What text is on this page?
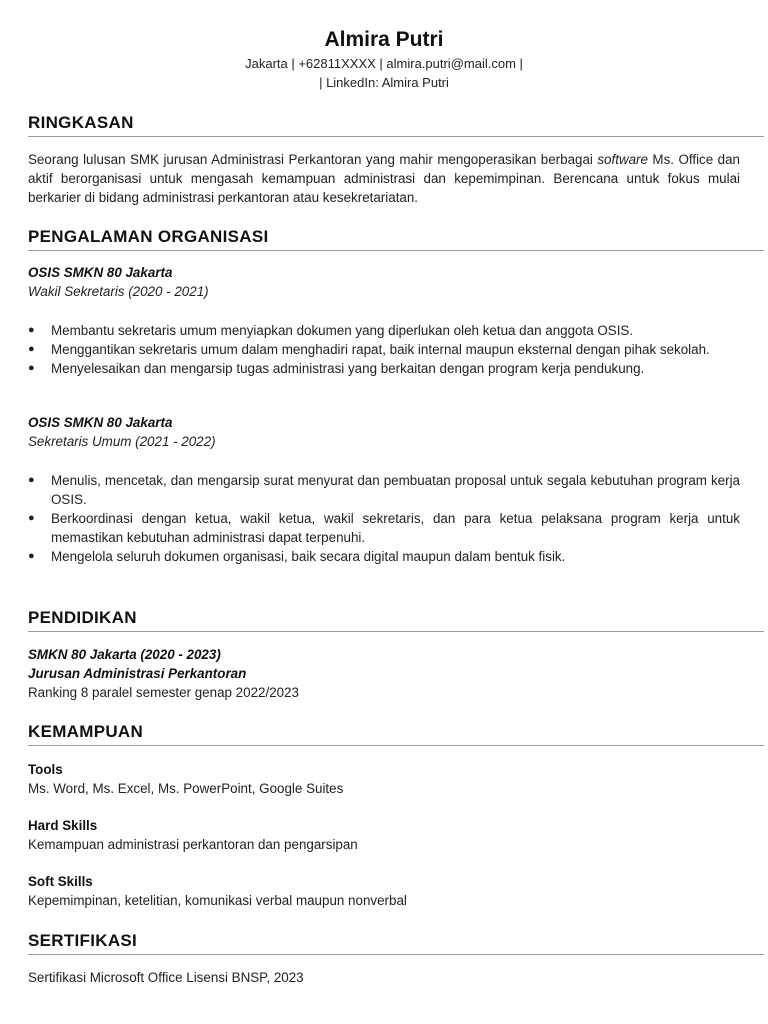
Almira Putri
Jakarta | +62811XXXX | almira.putri@mail.com |
| LinkedIn: Almira Putri
RINGKASAN
Seorang lulusan SMK jurusan Administrasi Perkantoran yang mahir mengoperasikan berbagai software Ms. Office dan aktif berorganisasi untuk mengasah kemampuan administrasi dan kepemimpinan. Berencana untuk fokus mulai berkarier di bidang administrasi perkantoran atau kesekretariatan.
PENGALAMAN ORGANISASI
OSIS SMKN 80 Jakarta
Wakil Sekretaris (2020 - 2021)
● Membantu sekretaris umum menyiapkan dokumen yang diperlukan oleh ketua dan anggota OSIS.
● Menggantikan sekretaris umum dalam menghadiri rapat, baik internal maupun eksternal dengan pihak sekolah.
● Menyelesaikan dan mengarsip tugas administrasi yang berkaitan dengan program kerja pendukung.
OSIS SMKN 80 Jakarta
Sekretaris Umum (2021 - 2022)
● Menulis, mencetak, dan mengarsip surat menyurat dan pembuatan proposal untuk segala kebutuhan program kerja OSIS.
● Berkoordinasi dengan ketua, wakil ketua, wakil sekretaris, dan para ketua pelaksana program kerja untuk memastikan kebutuhan administrasi dapat terpenuhi.
● Mengelola seluruh dokumen organisasi, baik secara digital maupun dalam bentuk fisik.
PENDIDIKAN
SMKN 80 Jakarta (2020 - 2023)
Jurusan Administrasi Perkantoran
Ranking 8 paralel semester genap 2022/2023
KEMAMPUAN
Tools
Ms. Word, Ms. Excel, Ms. PowerPoint, Google Suites
Hard Skills
Kemampuan administrasi perkantoran dan pengarsipan
Soft Skills
Kepemimpinan, ketelitian, komunikasi verbal maupun nonverbal
SERTIFIKASI
Sertifikasi Microsoft Office Lisensi BNSP, 2023
